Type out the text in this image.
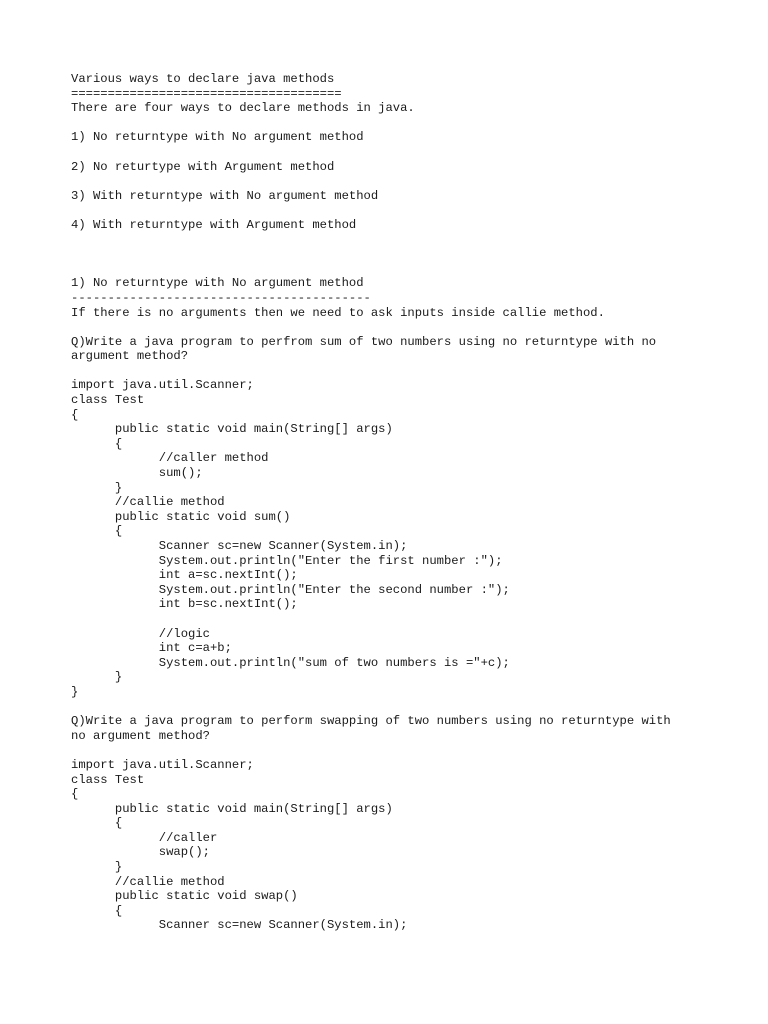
Various ways to declare java methods
=====================================
There are four ways to declare methods in java.
1) No returntype with No argument method
2) No returtype with Argument method
3) With returntype with No argument method
4) With returntype with Argument method
1) No returntype with No argument method
-----------------------------------------
If there is no arguments then we need to ask inputs inside callie method.
Q)Write a java program to perfrom sum of two numbers using no returntype with no
argument method?
import java.util.Scanner;
class Test
{
public static void main(String[] args)
{
//caller method
sum();
}
//callie method
public static void sum()
{
Scanner sc=new Scanner(System.in);
System.out.println("Enter the first number :");
int a=sc.nextInt();
System.out.println("Enter the second number :");
int b=sc.nextInt();
//logic
int c=a+b;
System.out.println("sum of two numbers is ="+c);
}
}
Q)Write a java program to perform swapping of two numbers using no returntype with
no argument method?
import java.util.Scanner;
class Test
{
public static void main(String[] args)
{
//caller
swap();
}
//callie method
public static void swap()
{
Scanner sc=new Scanner(System.in);
